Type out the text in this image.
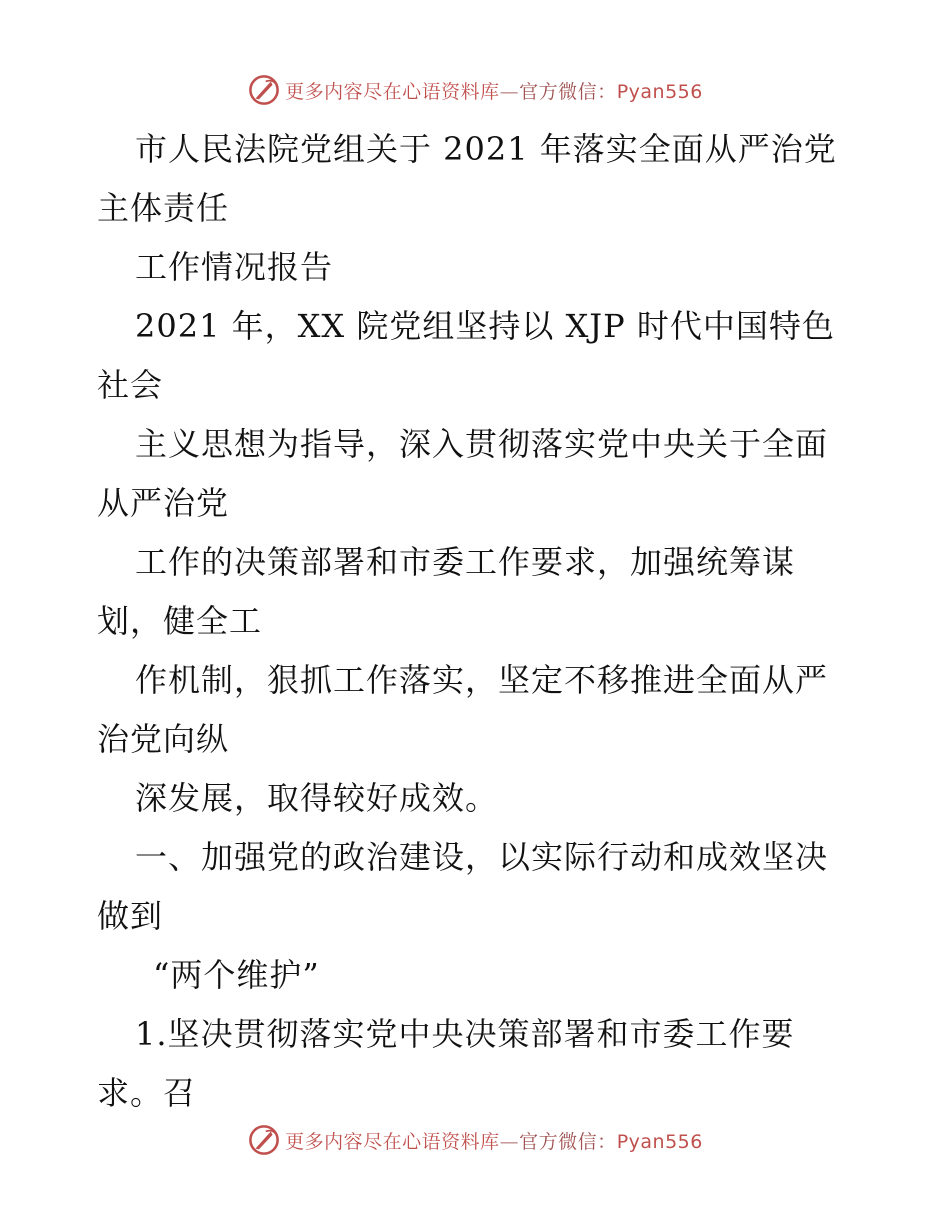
更多内容尽在心语资料库—官方微信：Pyan556
市人民法院党组关于 2021 年落实全面从严治党
主体责任
工作情况报告
2021 年，XX 院党组坚持以 XJP 时代中国特色
社会
主义思想为指导，深入贯彻落实党中央关于全面
从严治党
工作的决策部署和市委工作要求，加强统筹谋
划，健全工
作机制，狠抓工作落实，坚定不移推进全面从严
治党向纵
深发展，取得较好成效。
一、加强党的政治建设，以实际行动和成效坚决
做到
“两个维护”
1.坚决贯彻落实党中央决策部署和市委工作要
求。召
更多内容尽在心语资料库—官方微信：Pyan556
